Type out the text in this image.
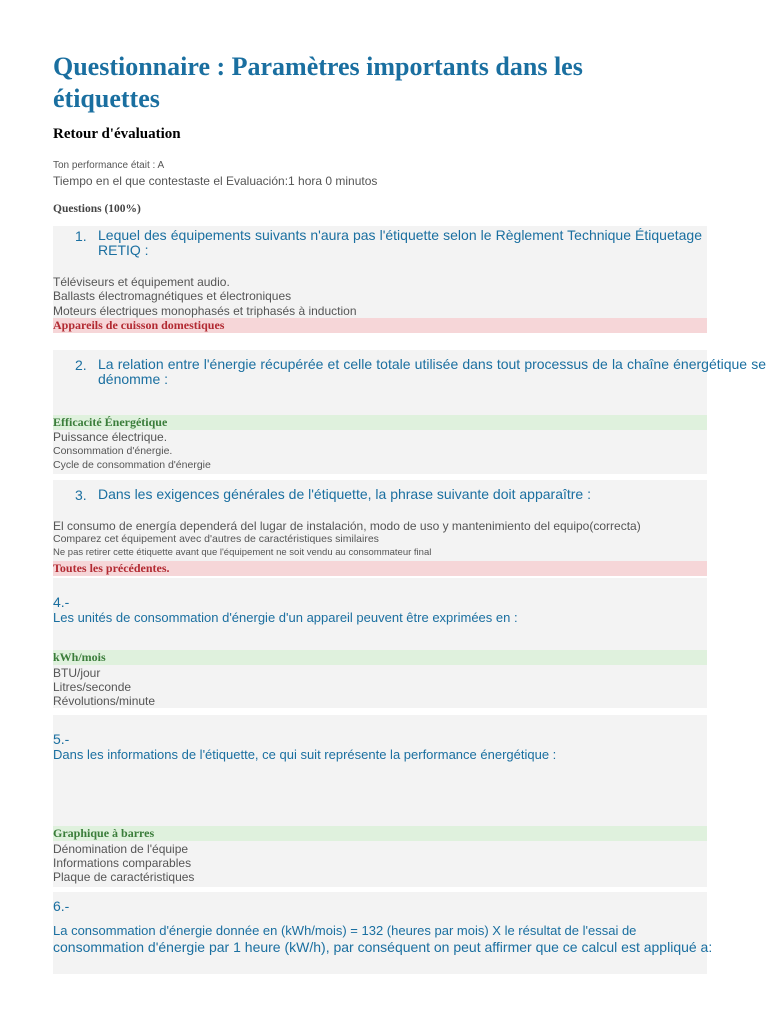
Questionnaire : Paramètres importants dans les étiquettes
Retour d'évaluation
Ton performance était : A
Tiempo en el que contestaste el Evaluación:1 hora 0 minutos
Questions (100%)
1. Lequel des équipements suivants n'aura pas l'étiquette selon le Règlement Technique Étiquetage RETIQ :
Téléviseurs et équipement audio.
Ballasts électromagnétiques et électroniques
Moteurs électriques monophasés et triphasés à induction
Appareils de cuisson domestiques
2. La relation entre l'énergie récupérée et celle totale utilisée dans tout processus de la chaîne énergétique se dénomme :
Efficacité Énergétique
Puissance électrique.
Consommation d'énergie.
Cycle de consommation d'énergie
3. Dans les exigences générales de l'étiquette, la phrase suivante doit apparaître :
El consumo de energía dependerá del lugar de instalación, modo de uso y mantenimiento del equipo(correcta)
Comparez cet équipement avec d'autres de caractéristiques similaires
Ne pas retirer cette étiquette avant que l'équipement ne soit vendu au consommateur final
Toutes les précédentes.
4.-
Les unités de consommation d'énergie d'un appareil peuvent être exprimées en :
kWh/mois
BTU/jour
Litres/seconde
Révolutions/minute
5.-
Dans les informations de l'étiquette, ce qui suit représente la performance énergétique :
Graphique à barres
Dénomination de l'équipe
Informations comparables
Plaque de caractéristiques
6.-
La consommation d'énergie donnée en (kWh/mois) = 132 (heures par mois) X le résultat de l'essai de
consommation d'énergie par 1 heure (kW/h), par conséquent on peut affirmer que ce calcul est appliqué a:
